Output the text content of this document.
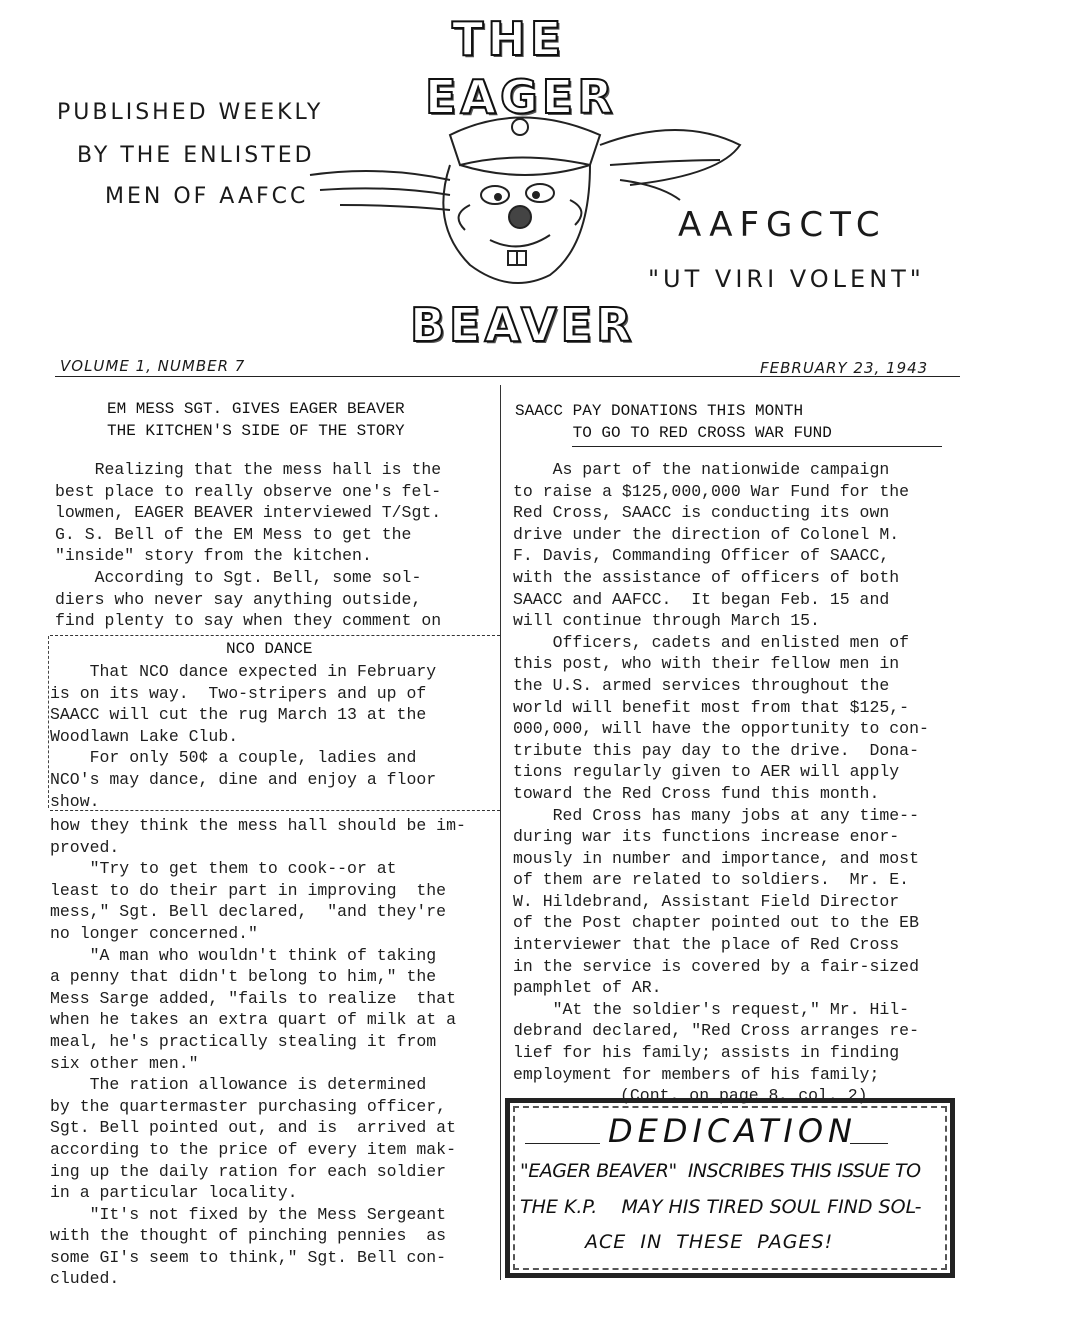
THE
EAGER
PUBLISHED WEEKLY
BY THE ENLISTED
MEN OF AAFCC
AAFGCTC
"UT VIRI VOLENT"
BEAVER
VOLUME 1, NUMBER 7	FEBRUARY 23, 1943
EM MESS SGT. GIVES EAGER BEAVER
THE KITCHEN'S SIDE OF THE STORY

Realizing that the mess hall is the

best place to really observe one's fel-

lowmen, EAGER BEAVER interviewed T/Sgt.

G. S. Bell of the EM Mess to get the

"inside" story from the kitchen.

According to Sgt. Bell, some sol-

diers who never say anything outside,

find plenty to say when they comment on

NCO DANCE

That NCO dance expected in February

is on its way.  Two-stripers and up of

SAACC will cut the rug March 13 at the

Woodlawn Lake Club.

For only 50¢ a couple, ladies and

NCO's may dance, dine and enjoy a floor

show.

how they think the mess hall should be im-

proved.

"Try to get them to cook--or at

least to do their part in improving  the

mess," Sgt. Bell declared,  "and they're

no longer concerned."

"A man who wouldn't think of taking

a penny that didn't belong to him," the

Mess Sarge added, "fails to realize  that

when he takes an extra quart of milk at a

meal, he's practically stealing it from

six other men."

The ration allowance is determined

by the quartermaster purchasing officer,

Sgt. Bell pointed out, and is  arrived at

according to the price of every item mak-

ing up the daily ration for each soldier

in a particular locality.

"It's not fixed by the Mess Sergeant

with the thought of pinching pennies  as

some GI's seem to think," Sgt. Bell con-

cluded.

SAACC PAY DONATIONS THIS MONTH
TO GO TO RED CROSS WAR FUND

As part of the nationwide campaign

to raise a $125,000,000 War Fund for the

Red Cross, SAACC is conducting its own

drive under the direction of Colonel M.

F. Davis, Commanding Officer of SAACC,

with the assistance of officers of both

SAACC and AAFCC.  It began Feb. 15 and

will continue through March 15.

Officers, cadets and enlisted men of

this post, who with their fellow men in

the U.S. armed services throughout the

world will benefit most from that $125,-

000,000, will have the opportunity to con-

tribute this pay day to the drive.  Dona-

tions regularly given to AER will apply

toward the Red Cross fund this month.

Red Cross has many jobs at any time--

during war its functions increase enor-

mously in number and importance, and most

of them are related to soldiers.  Mr. E.

W. Hildebrand, Assistant Field Director

of the Post chapter pointed out to the EB

interviewer that the place of Red Cross

in the service is covered by a fair-sized

pamphlet of AR.

"At the soldier's request," Mr. Hil-

debrand declared, "Red Cross arranges re-

lief for his family; assists in finding

employment for members of his family;

(Cont. on page 8, col. 2)

DEDICATION
"EAGER BEAVER"  INSCRIBES THIS ISSUE TO
THE K.P.    MAY HIS TIRED SOUL FIND SOL-
ACE  IN  THESE  PAGES!
